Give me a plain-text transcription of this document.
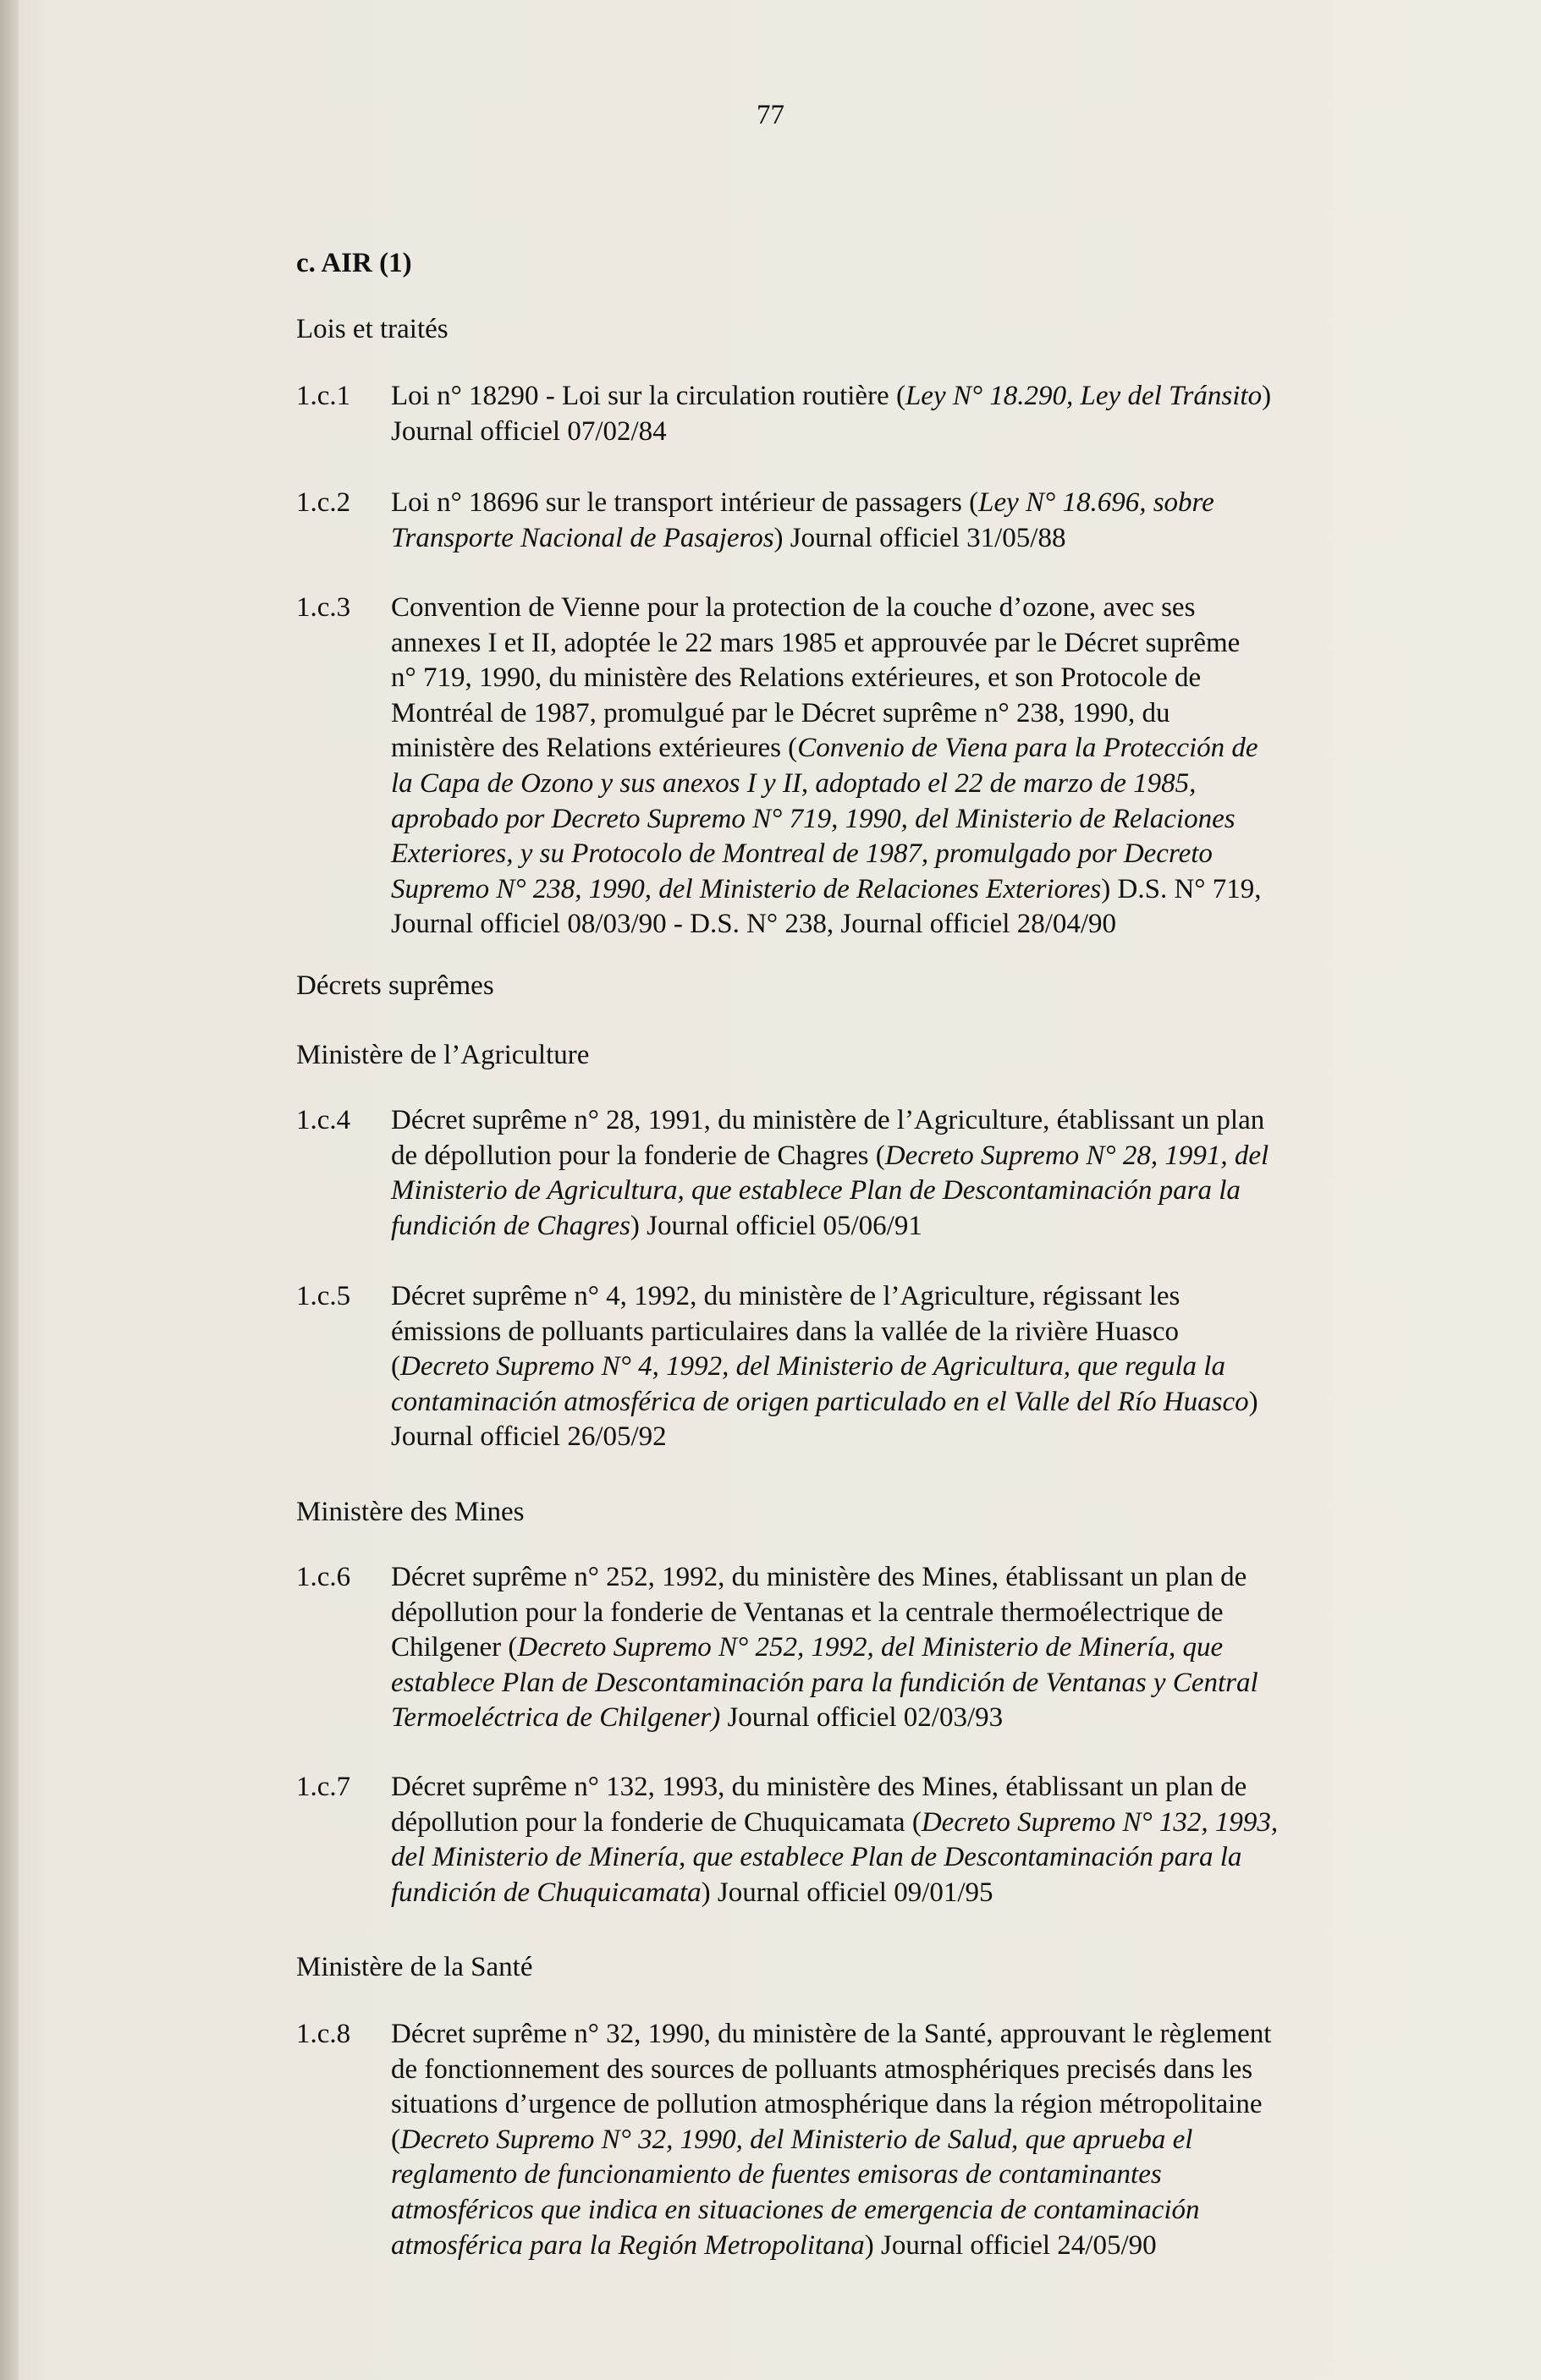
77
c. AIR (1)
Lois et traités
1.c.1	Loi n° 18290 - Loi sur la circulation routière (Ley N° 18.290, Ley del Tránsito)
Journal officiel 07/02/84
1.c.2	Loi n° 18696 sur le transport intérieur de passagers (Ley N° 18.696, sobre
Transporte Nacional de Pasajeros) Journal officiel 31/05/88
1.c.3	Convention de Vienne pour la protection de la couche d’ozone, avec ses
annexes I et II, adoptée le 22 mars 1985 et approuvée par le Décret suprême
n° 719, 1990, du ministère des Relations extérieures, et son Protocole de
Montréal de 1987, promulgué par le Décret suprême n° 238, 1990, du
ministère des Relations extérieures (Convenio de Viena para la Protección de
la Capa de Ozono y sus anexos I y II, adoptado el 22 de marzo de 1985,
aprobado por Decreto Supremo N° 719, 1990, del Ministerio de Relaciones
Exteriores, y su Protocolo de Montreal de 1987, promulgado por Decreto
Supremo N° 238, 1990, del Ministerio de Relaciones Exteriores) D.S. N° 719,
Journal officiel 08/03/90 - D.S. N° 238, Journal officiel 28/04/90
Décrets suprêmes
Ministère de l’Agriculture
1.c.4	Décret suprême n° 28, 1991, du ministère de l’Agriculture, établissant un plan
de dépollution pour la fonderie de Chagres (Decreto Supremo N° 28, 1991, del
Ministerio de Agricultura, que establece Plan de Descontaminación para la
fundición de Chagres) Journal officiel 05/06/91
1.c.5	Décret suprême n° 4, 1992, du ministère de l’Agriculture, régissant les
émissions de polluants particulaires dans la vallée de la rivière Huasco
(Decreto Supremo N° 4, 1992, del Ministerio de Agricultura, que regula la
contaminación atmosférica de origen particulado en el Valle del Río Huasco)
Journal officiel 26/05/92
Ministère des Mines
1.c.6	Décret suprême n° 252, 1992, du ministère des Mines, établissant un plan de
dépollution pour la fonderie de Ventanas et la centrale thermoélectrique de
Chilgener (Decreto Supremo N° 252, 1992, del Ministerio de Minería, que
establece Plan de Descontaminación para la fundición de Ventanas y Central
Termoeléctrica de Chilgener) Journal officiel 02/03/93
1.c.7	Décret suprême n° 132, 1993, du ministère des Mines, établissant un plan de
dépollution pour la fonderie de Chuquicamata (Decreto Supremo N° 132, 1993,
del Ministerio de Minería, que establece Plan de Descontaminación para la
fundición de Chuquicamata) Journal officiel 09/01/95
Ministère de la Santé
1.c.8	Décret suprême n° 32, 1990, du ministère de la Santé, approuvant le règlement
de fonctionnement des sources de polluants atmosphériques precisés dans les
situations d’urgence de pollution atmosphérique dans la région métropolitaine
(Decreto Supremo N° 32, 1990, del Ministerio de Salud, que aprueba el
reglamento de funcionamiento de fuentes emisoras de contaminantes
atmosféricos que indica en situaciones de emergencia de contaminación
atmosférica para la Región Metropolitana) Journal officiel 24/05/90
